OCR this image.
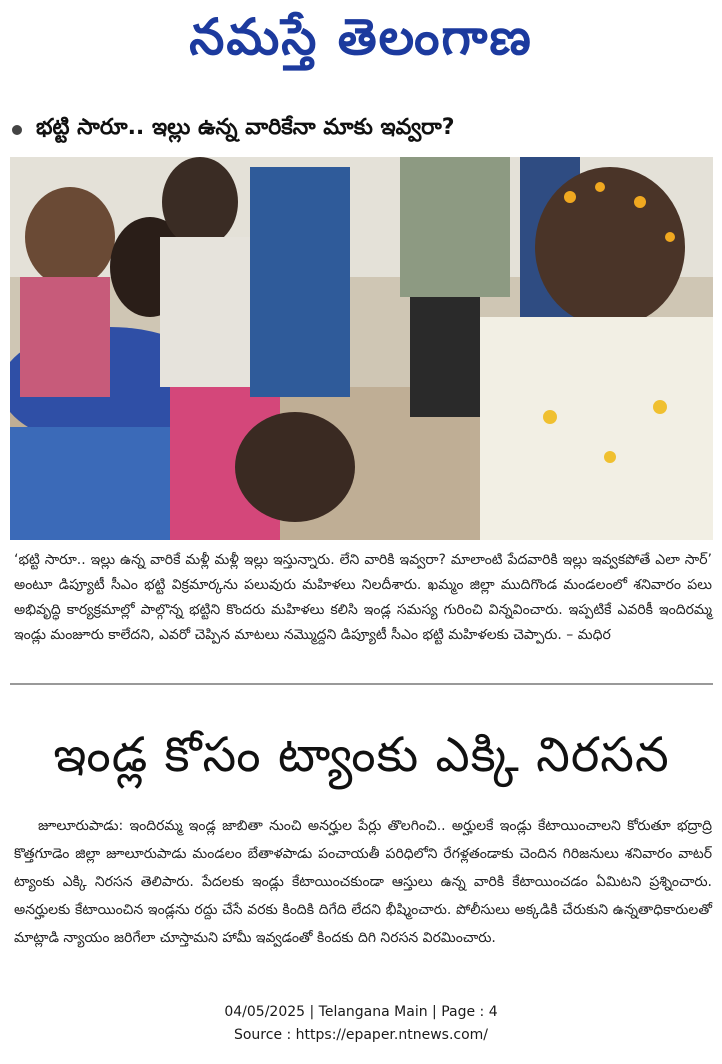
నమస్తే తెలంగాణ
భట్టి సారూ.. ఇల్లు ఉన్న వారికేనా మాకు ఇవ్వరా?
‘భట్టి సారూ.. ఇల్లు ఉన్న వారికే మళ్లీ మళ్లీ ఇల్లు ఇస్తున్నారు. లేని వారికి ఇవ్వరా? మాలాంటి పేదవారికి ఇల్లు ఇవ్వకపోతే ఎలా సార్’ అంటూ డిప్యూటీ సీఎం భట్టి విక్రమార్కను పలువురు మహిళలు నిలదీశారు. ఖమ్మం జిల్లా ముదిగొండ మండలంలో శనివారం పలు అభివృద్ధి కార్యక్రమాల్లో పాల్గొన్న భట్టిని కొందరు మహిళలు కలిసి ఇండ్ల సమస్య గురించి విన్నవించారు. ఇప్పటికే ఎవరికీ ఇందిరమ్మ ఇండ్లు మంజూరు కాలేదని, ఎవరో చెప్పిన మాటలు నమ్మొద్దని డిప్యూటీ సీఎం భట్టి మహిళలకు చెప్పారు. – మధిర
ఇండ్ల కోసం ట్యాంకు ఎక్కి నిరసన
జూలూరుపాడు: ఇందిరమ్మ ఇండ్ల జాబితా నుంచి అనర్హుల పేర్లు తొలగించి.. అర్హులకే ఇండ్లు కేటాయించాలని కోరుతూ భద్రాద్రి కొత్తగూడెం జిల్లా జూలూరుపాడు మండలం బేతాళపాడు పంచాయతీ పరిధిలోని రేగళ్లతండాకు చెందిన గిరిజనులు శనివారం వాటర్ ట్యాంకు ఎక్కి నిరసన తెలిపారు. పేదలకు ఇండ్లు కేటాయించకుండా ఆస్తులు ఉన్న వారికి కేటాయించడం ఏమిటని ప్రశ్నించారు. అనర్హులకు కేటాయించిన ఇండ్లను రద్దు చేసే వరకు కిందికి దిగేది లేదని భీష్మించారు. పోలీసులు అక్కడికి చేరుకుని ఉన్నతాధికారులతో మాట్లాడి న్యాయం జరిగేలా చూస్తామని హామీ ఇవ్వడంతో కిందకు దిగి నిరసన విరమించారు.
04/05/2025 | Telangana Main | Page : 4
Source : https://epaper.ntnews.com/
